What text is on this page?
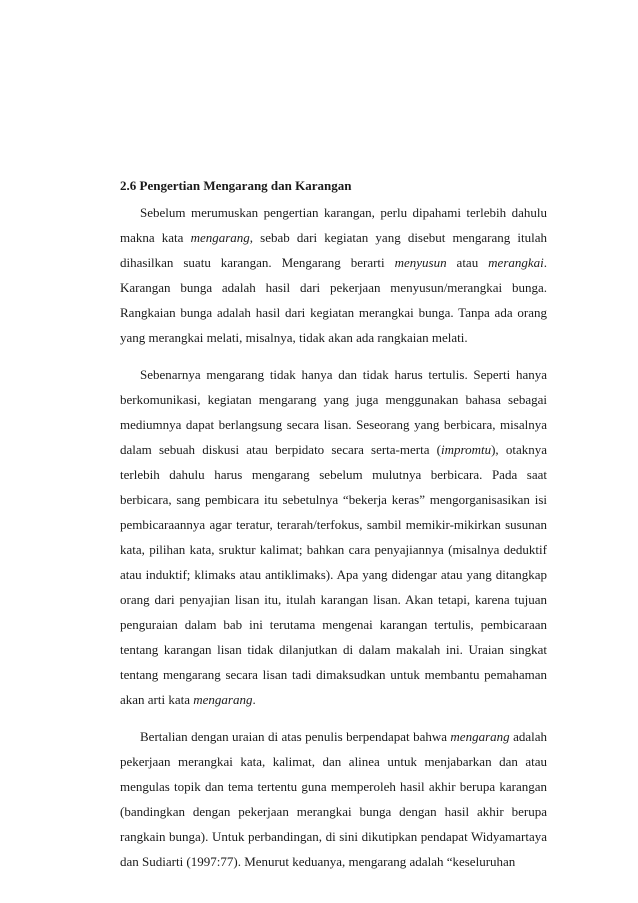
2.6 Pengertian Mengarang dan Karangan
Sebelum merumuskan pengertian karangan, perlu dipahami terlebih dahulu
makna kata mengarang, sebab dari kegiatan yang disebut mengarang itulah
dihasilkan suatu karangan. Mengarang berarti menyusun atau merangkai.
Karangan bunga adalah hasil dari pekerjaan menyusun/merangkai bunga.
Rangkaian bunga adalah hasil dari kegiatan merangkai bunga. Tanpa ada orang
yang merangkai melati, misalnya, tidak akan ada rangkaian melati.
Sebenarnya mengarang tidak hanya dan tidak harus tertulis. Seperti hanya
berkomunikasi, kegiatan mengarang yang juga menggunakan bahasa sebagai
mediumnya dapat berlangsung secara lisan. Seseorang yang berbicara, misalnya
dalam sebuah diskusi atau berpidato secara serta-merta (impromtu), otaknya
terlebih dahulu harus mengarang sebelum mulutnya berbicara. Pada saat
berbicara, sang pembicara itu sebetulnya “bekerja keras” mengorganisasikan isi
pembicaraannya agar teratur, terarah/terfokus, sambil memikir-mikirkan susunan
kata, pilihan kata, sruktur kalimat; bahkan cara penyajiannya (misalnya deduktif
atau induktif; klimaks atau antiklimaks). Apa yang didengar atau yang ditangkap
orang dari penyajian lisan itu, itulah karangan lisan. Akan tetapi, karena tujuan
penguraian dalam bab ini terutama mengenai karangan tertulis, pembicaraan
tentang karangan lisan tidak dilanjutkan di dalam makalah ini. Uraian singkat
tentang mengarang secara lisan tadi dimaksudkan untuk membantu pemahaman
akan arti kata mengarang.
Bertalian dengan uraian di atas penulis berpendapat bahwa mengarang adalah
pekerjaan merangkai kata, kalimat, dan alinea untuk menjabarkan dan atau
mengulas topik dan tema tertentu guna memperoleh hasil akhir berupa karangan
(bandingkan dengan pekerjaan merangkai bunga dengan hasil akhir berupa
rangkain bunga). Untuk perbandingan, di sini dikutipkan pendapat Widyamartaya
dan Sudiarti (1997:77). Menurut keduanya, mengarang adalah “keseluruhan
